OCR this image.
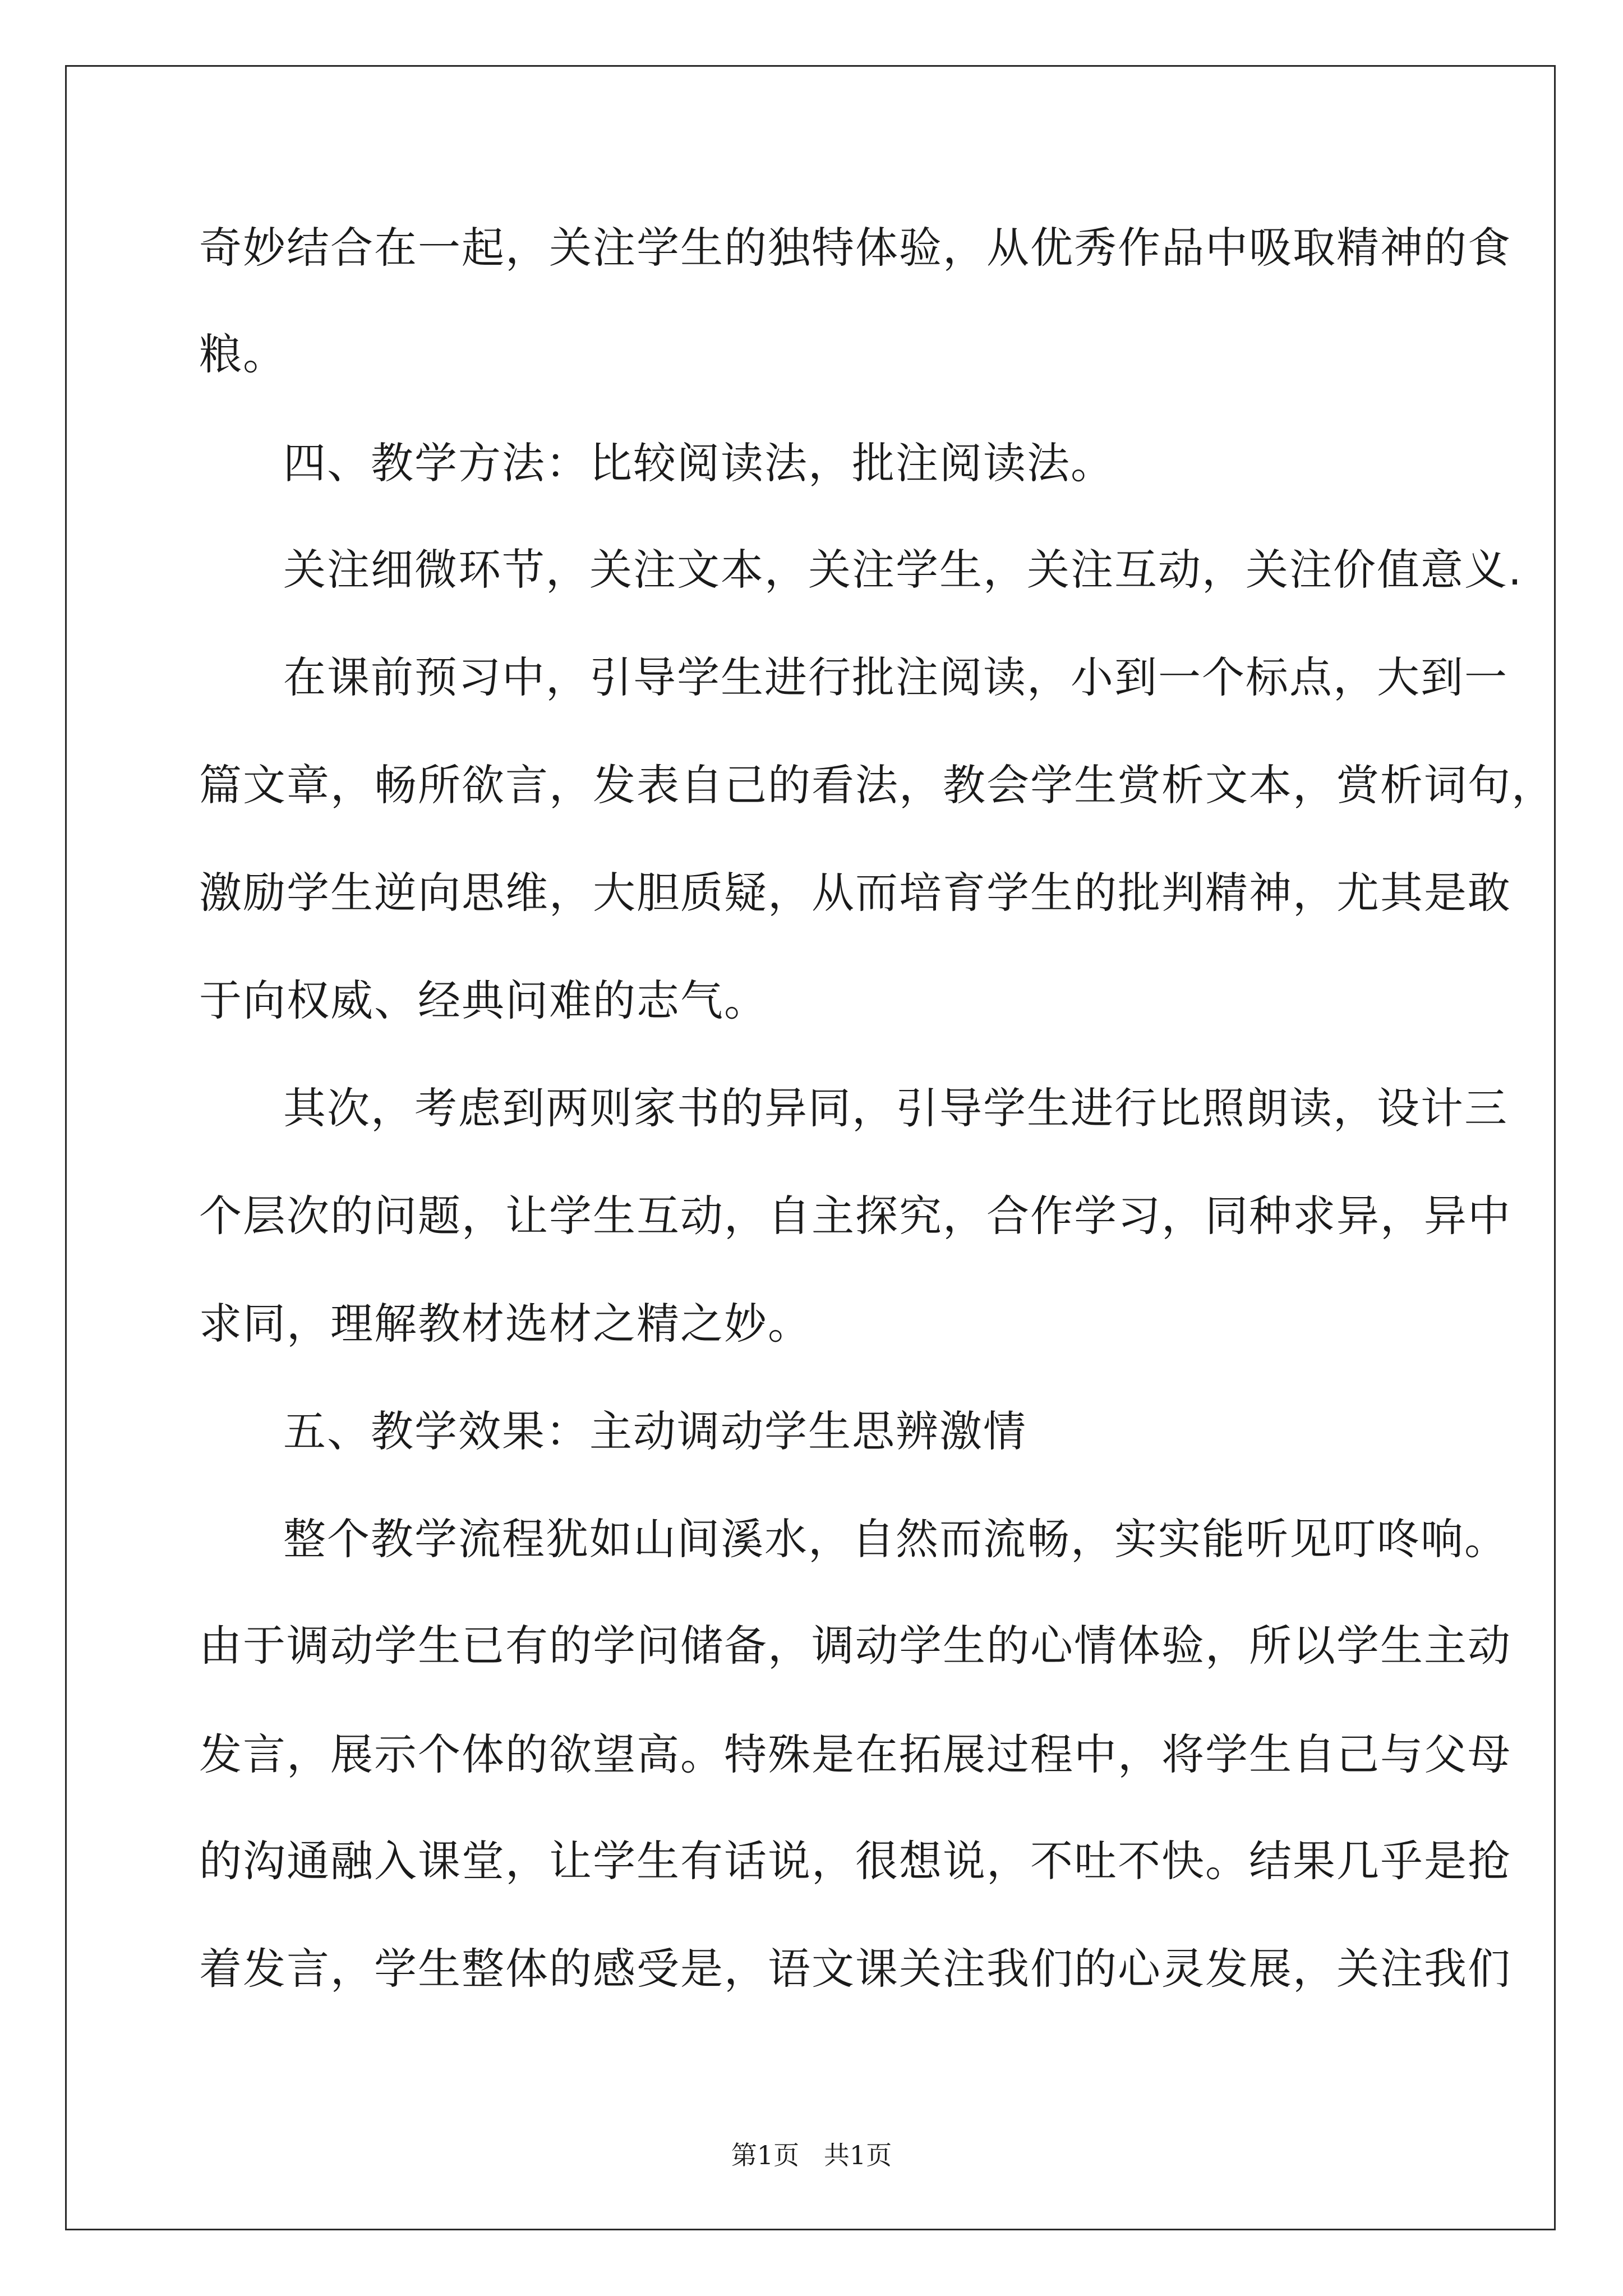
奇妙结合在一起，关注学生的独特体验，从优秀作品中吸取精神的食
粮。
四、教学方法：比较阅读法，批注阅读法。
关注细微环节，关注文本，关注学生，关注互动，关注价值意义.
在课前预习中，引导学生进行批注阅读，小到一个标点，大到一
篇文章，畅所欲言，发表自己的看法，教会学生赏析文本，赏析词句，
激励学生逆向思维，大胆质疑，从而培育学生的批判精神，尤其是敢
于向权威、经典问难的志气。
其次，考虑到两则家书的异同，引导学生进行比照朗读，设计三
个层次的问题，让学生互动，自主探究，合作学习，同种求异，异中
求同，理解教材选材之精之妙。
五、教学效果：主动调动学生思辨激情
整个教学流程犹如山间溪水，自然而流畅，实实能听见叮咚响。
由于调动学生已有的学问储备，调动学生的心情体验，所以学生主动
发言，展示个体的欲望高。特殊是在拓展过程中，将学生自己与父母
的沟通融入课堂，让学生有话说，很想说，不吐不快。结果几乎是抢
着发言，学生整体的感受是，语文课关注我们的心灵发展，关注我们
第1页   共1页
